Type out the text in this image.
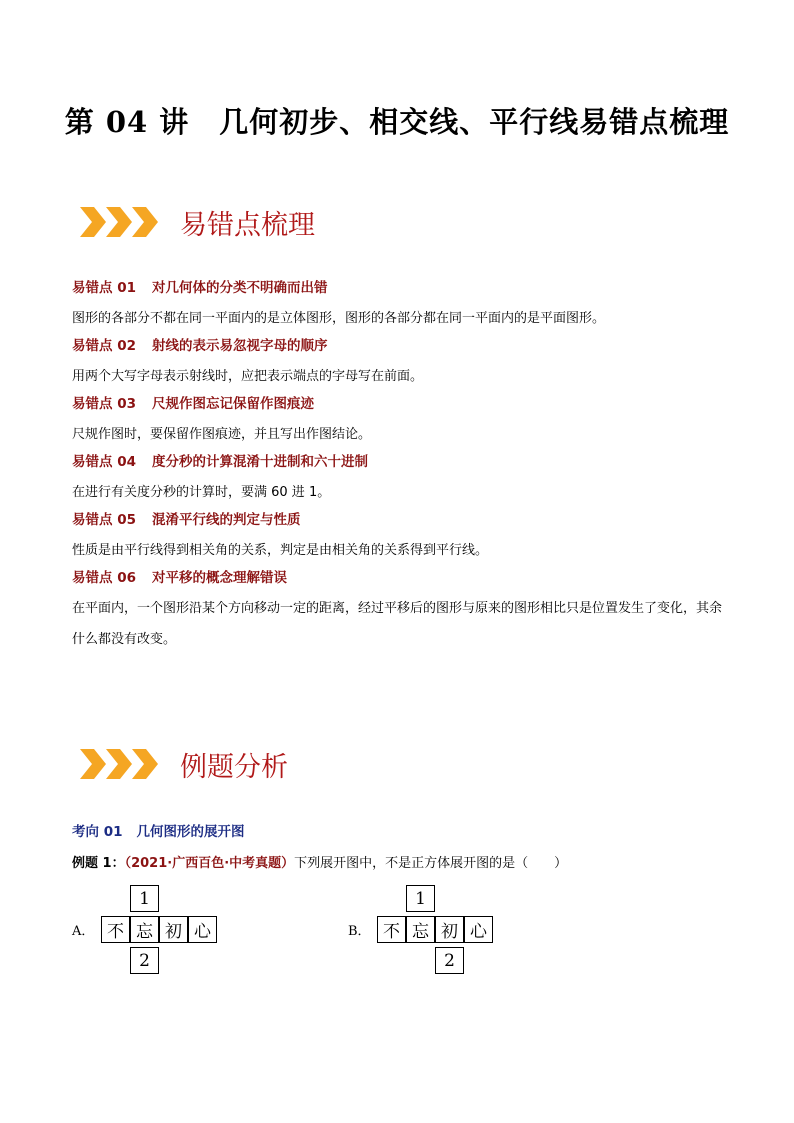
第 04 讲　几何初步、相交线、平行线易错点梳理
易错点梳理
易错点 01 对几何体的分类不明确而出错
图形的各部分不都在同一平面内的是立体图形，图形的各部分都在同一平面内的是平面图形。
易错点 02 射线的表示易忽视字母的顺序
用两个大写字母表示射线时，应把表示端点的字母写在前面。
易错点 03 尺规作图忘记保留作图痕迹
尺规作图时，要保留作图痕迹，并且写出作图结论。
易错点 04 度分秒的计算混淆十进制和六十进制
在进行有关度分秒的计算时，要满 60 进 1。
易错点 05 混淆平行线的判定与性质
性质是由平行线得到相关角的关系，判定是由相关角的关系得到平行线。
易错点 06 对平移的概念理解错误
在平面内，一个图形沿某个方向移动一定的距离，经过平移后的图形与原来的图形相比只是位置发生了变化，其余什么都没有改变。
例题分析
考向 01 几何图形的展开图
例题 1：（2021·广西百色·中考真题）下列展开图中，不是正方体展开图的是（　　）
A．
1
不 忘 初 心
2
B．
1
不 忘 初 心
2
